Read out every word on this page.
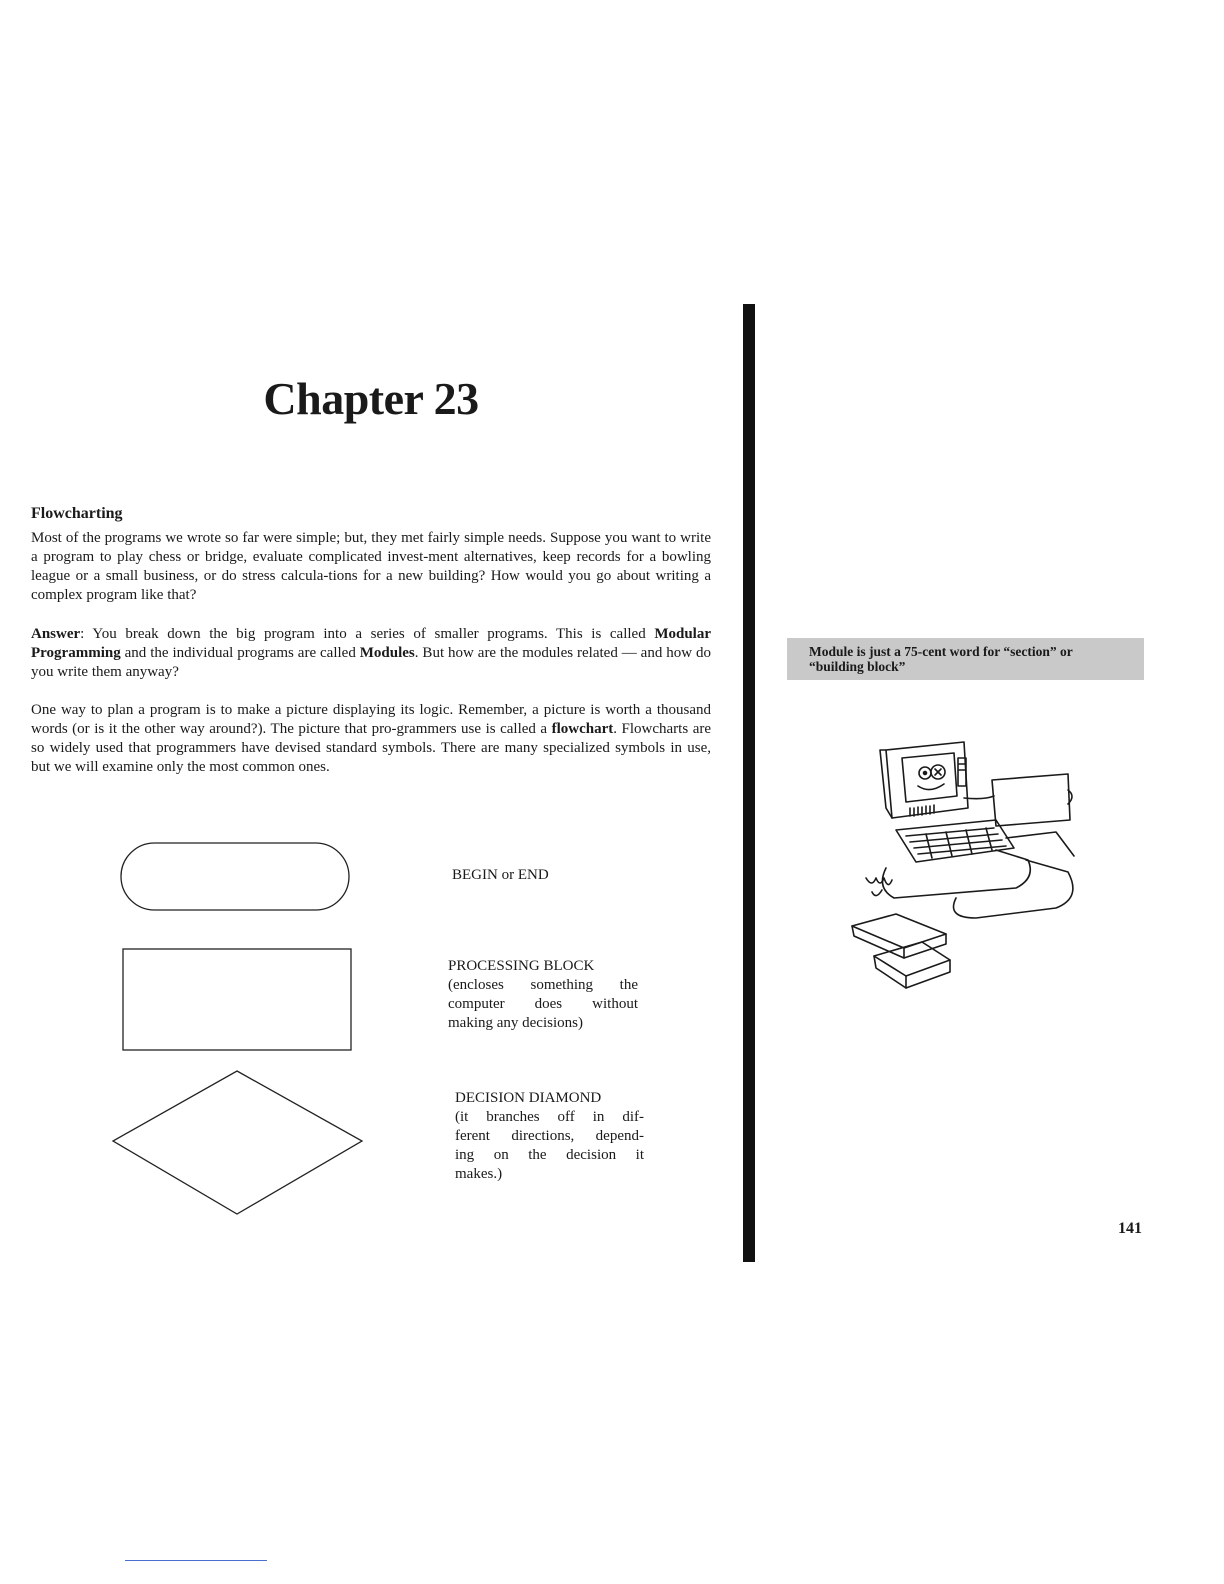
Chapter 23
Flowcharting

Most of the programs we wrote so far were simple; but, they met fairly simple needs. Suppose you want to write a program to play chess or bridge, evaluate complicated invest-ment alternatives, keep records for a bowling league or a small business, or do stress calcula-tions for a new building? How would you go about writing a complex program like that?

Answer: You break down the big program into a series of smaller programs. This is called Modular Programming and the individual programs are called Modules. But how are the modules related — and how do you write them anyway?

One way to plan a program is to make a picture displaying its logic. Remember, a picture is worth a thousand words (or is it the other way around?). The picture that pro-grammers use is called a flowchart. Flowcharts are so widely used that programmers have devised standard symbols. There are many specialized symbols in use, but we will examine only the most common ones.

BEGIN or END
PROCESSING BLOCK
(encloses something the
computer does without
making any decisions)
DECISION DIAMOND
(it branches off in dif-
ferent directions, depend-
ing on the decision it
makes.)
Module is just a 75-cent word for “section” or
“building block”
141
